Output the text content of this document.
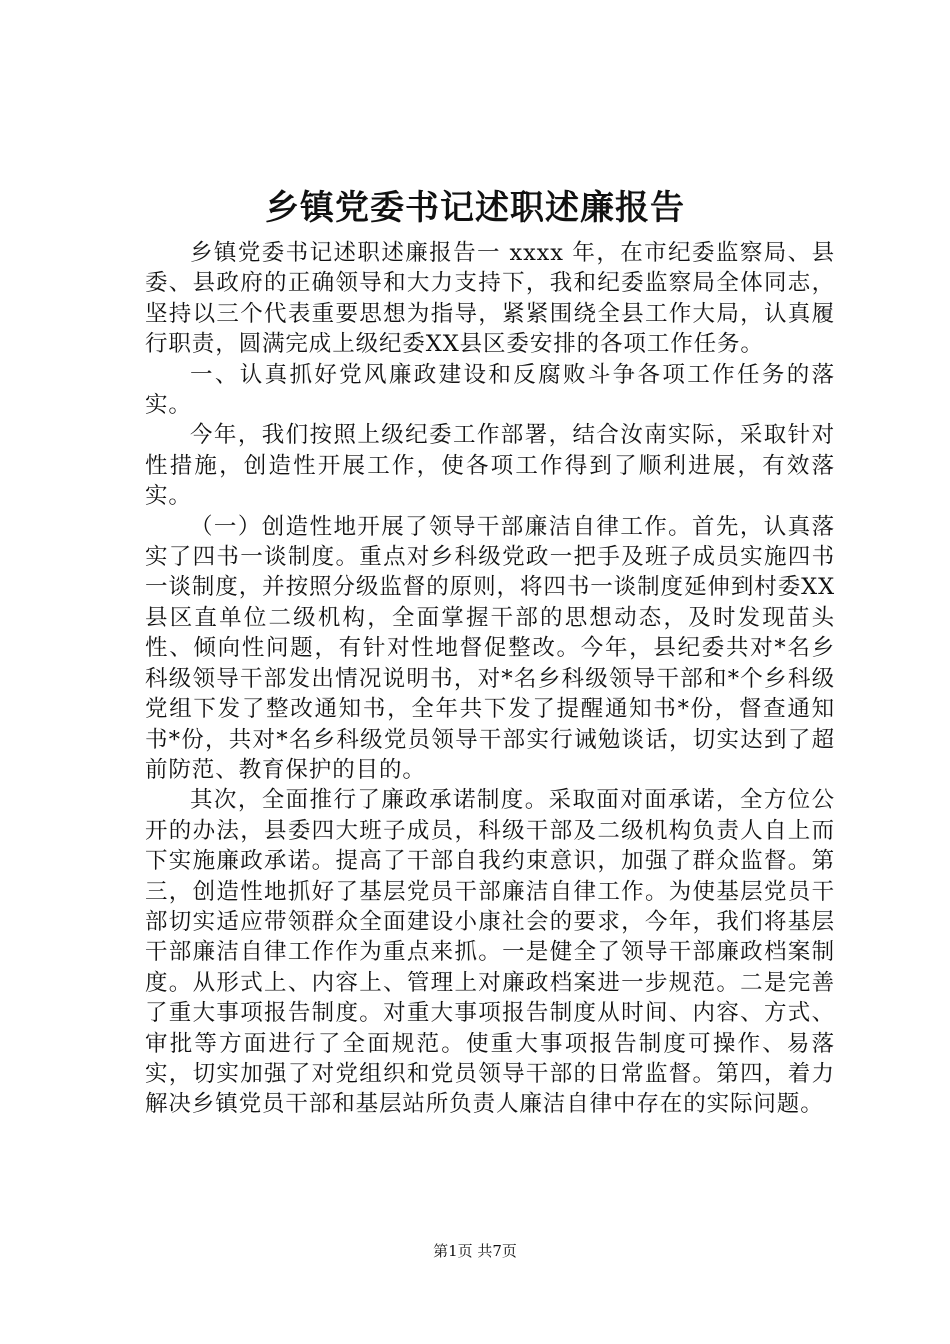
乡镇党委书记述职述廉报告

乡镇党委书记述职述廉报告一 xxxx 年，在市纪委监察局、县委、县政府的正确领导和大力支持下，我和纪委监察局全体同志，坚持以三个代表重要思想为指导，紧紧围绕全县工作大局，认真履行职责，圆满完成上级纪委XX县区委安排的各项工作任务。

一、认真抓好党风廉政建设和反腐败斗争各项工作任务的落实。

今年，我们按照上级纪委工作部署，结合汝南实际，采取针对性措施，创造性开展工作，使各项工作得到了顺利进展，有效落实。

（一）创造性地开展了领导干部廉洁自律工作。首先，认真落实了四书一谈制度。重点对乡科级党政一把手及班子成员实施四书一谈制度，并按照分级监督的原则，将四书一谈制度延伸到村委XX县区直单位二级机构，全面掌握干部的思想动态，及时发现苗头性、倾向性问题，有针对性地督促整改。今年，县纪委共对*名乡科级领导干部发出情况说明书，对*名乡科级领导干部和*个乡科级党组下发了整改通知书，全年共下发了提醒通知书*份，督查通知书*份，共对*名乡科级党员领导干部实行诫勉谈话，切实达到了超前防范、教育保护的目的。

其次，全面推行了廉政承诺制度。采取面对面承诺，全方位公开的办法，县委四大班子成员，科级干部及二级机构负责人自上而下实施廉政承诺。提高了干部自我约束意识，加强了群众监督。第三，创造性地抓好了基层党员干部廉洁自律工作。为使基层党员干部切实适应带领群众全面建设小康社会的要求，今年，我们将基层干部廉洁自律工作作为重点来抓。一是健全了领导干部廉政档案制度。从形式上、内容上、管理上对廉政档案进一步规范。二是完善了重大事项报告制度。对重大事项报告制度从时间、内容、方式、审批等方面进行了全面规范。使重大事项报告制度可操作、易落实，切实加强了对党组织和党员领导干部的日常监督。第四，着力解决乡镇党员干部和基层站所负责人廉洁自律中存在的实际问题。

第1页 共7页
